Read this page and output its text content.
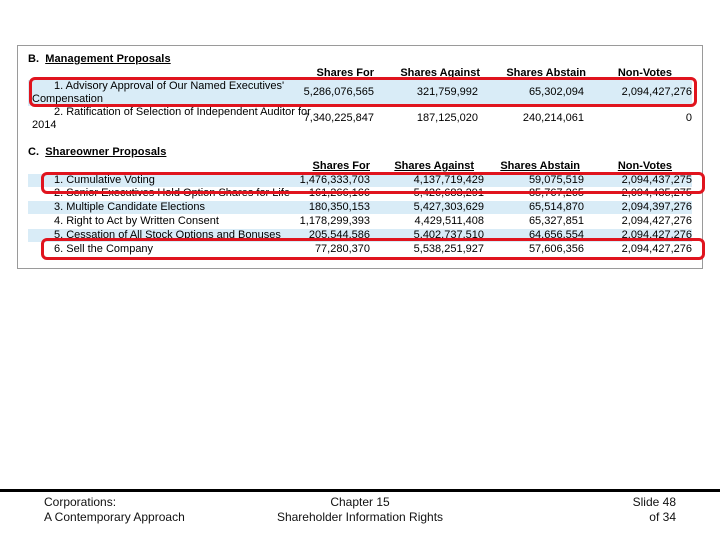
B. Management Proposals
Shares For	Shares Against	Shares Abstain	Non-Votes
1. Advisory Approval of Our Named Executives'
Compensation
5,286,076,565	321,759,992	65,302,094	2,094,427,276
2. Ratification of Selection of Independent Auditor for
2014
7,340,225,847	187,125,020	240,214,061	0
C. Shareowner Proposals
Shares For	Shares Against	Shares Abstain	Non-Votes
1. Cumulative Voting	1,476,333,703	4,137,719,429	59,075,519	2,094,437,275
2. Senior Executives Hold Option Shares for Life	161,266,166	5,426,683,291	85,767,265	2,094,435,275
3. Multiple Candidate Elections	180,350,153	5,427,303,629	65,514,870	2,094,397,276
4. Right to Act by Written Consent	1,178,299,393	4,429,511,408	65,327,851	2,094,427,276
5. Cessation of All Stock Options and Bonuses	205,544,586	5,402,737,510	64,656,554	2,094,427,276
6. Sell the Company	77,280,370	5,538,251,927	57,606,356	2,094,427,276
Corporations:
A Contemporary Approach
Chapter 15
Shareholder Information Rights
Slide 48
of 34
